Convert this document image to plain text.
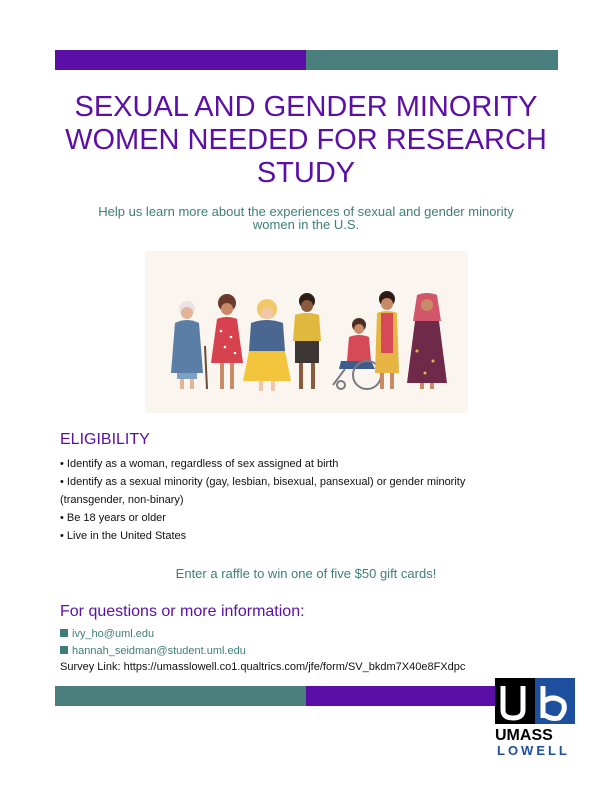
SEXUAL AND GENDER MINORITY
WOMEN NEEDED FOR RESEARCH
STUDY
Help us learn more about the experiences of sexual and gender minority
women in the U.S.
ELIGIBILITY
• Identify as a woman, regardless of sex assigned at birth
• Identify as a sexual minority (gay, lesbian, bisexual, pansexual) or gender minority
(transgender, non-binary)
• Be 18 years or older
• Live in the United States
Enter a raffle to win one of five $50 gift cards!
For questions or more information:
ivy_ho@uml.edu
hannah_seidman@student.uml.edu
Survey Link: https://umasslowell.co1.qualtrics.com/jfe/form/SV_bkdm7X40e8FXdpc
UMASS
LOWELL
